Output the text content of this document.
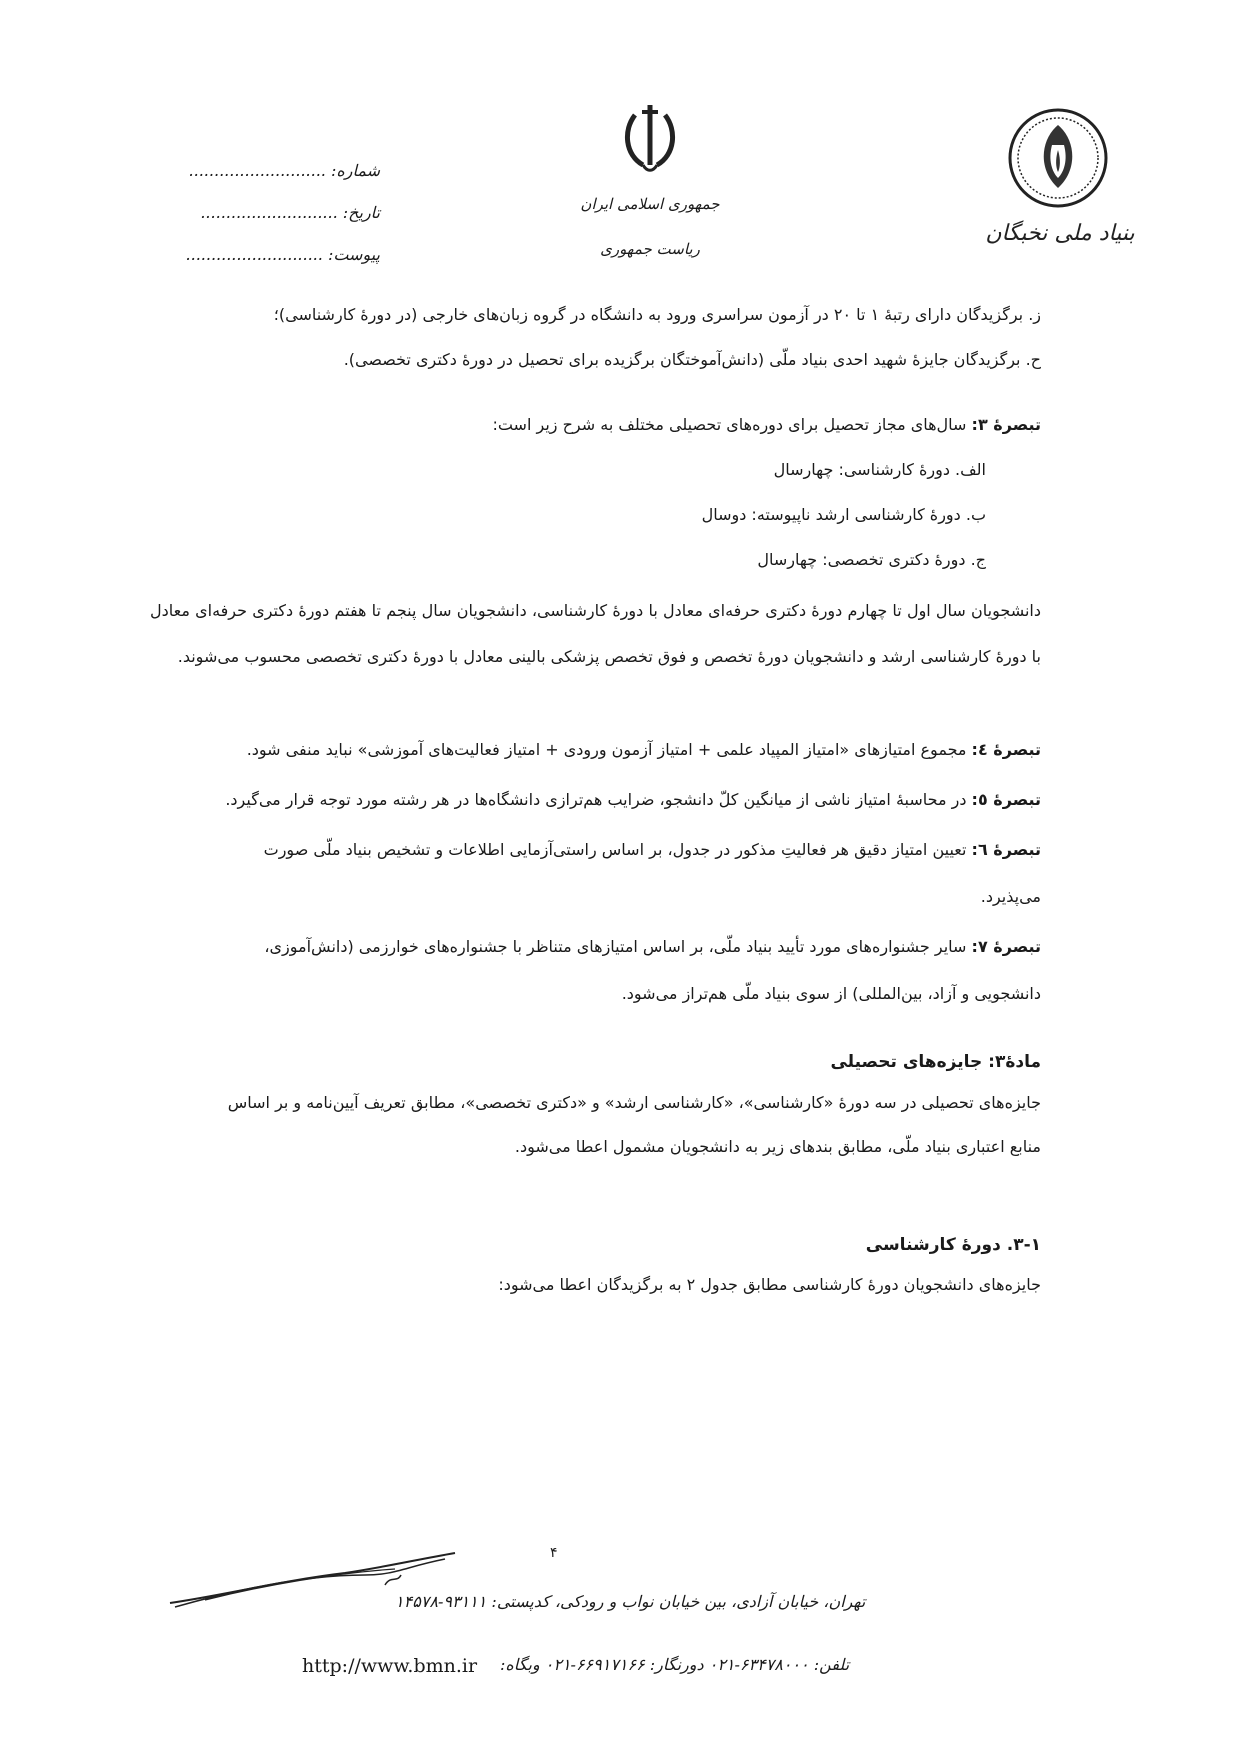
بنیاد ملی نخبگان
جمهوری اسلامی ایران
ریاست جمهوری
شماره: ...........................
تاریخ: ...........................
پیوست: ...........................
ز. برگزیدگان دارای رتبۀ ۱ تا ۲۰ در آزمون سراسری ورود به دانشگاه در گروه زبان‌های خارجی (در دورۀ کارشناسی)؛
ح. برگزیدگان جایزۀ شهید احدی بنیاد ملّی (دانش‌آموختگان برگزیده برای تحصیل در دورۀ دکتری تخصصی).
تبصرۀ ۳: سال‌های مجاز تحصیل برای دوره‌های تحصیلی مختلف به شرح زیر است:
الف. دورۀ کارشناسی: چهارسال
ب. دورۀ کارشناسی ارشد ناپیوسته: دوسال
ج. دورۀ دکتری تخصصی: چهارسال
دانشجویان سال اول تا چهارم دورۀ دکتری حرفه‌ای معادل با دورۀ کارشناسی، دانشجویان سال پنجم تا هفتم دورۀ دکتری حرفه‌ای معادل با دورۀ کارشناسی ارشد و دانشجویان دورۀ تخصص و فوق تخصص پزشکی بالینی معادل با دورۀ دکتری تخصصی محسوب می‌شوند.
تبصرۀ ٤: مجموع امتیازهای «امتیاز المپیاد علمی + امتیاز آزمون ورودی + امتیاز فعالیت‌های آموزشی» نباید منفی شود.
تبصرۀ ٥: در محاسبۀ امتیاز ناشی از میانگین کلّ دانشجو، ضرایب هم‌ترازی دانشگاه‌ها در هر رشته مورد توجه قرار می‌گیرد.
تبصرۀ ٦: تعیین امتیاز دقیق هر فعالیتِ مذکور در جدول، بر اساس راستی‌آزمایی اطلاعات و تشخیص بنیاد ملّی صورت
می‌پذیرد.
تبصرۀ ۷: سایر جشنواره‌های مورد تأیید بنیاد ملّی، بر اساس امتیازهای متناظر با جشنواره‌های خوارزمی (دانش‌آموزی،
دانشجویی و آزاد، بین‌المللی) از سوی بنیاد ملّی هم‌تراز می‌شود.
مادۀ۳: جایزه‌های تحصیلی
جایزه‌های تحصیلی در سه دورۀ «کارشناسی»، «کارشناسی ارشد» و «دکتری تخصصی»، مطابق تعریف آیین‌نامه و بر اساس
منابع اعتباری بنیاد ملّی، مطابق بندهای زیر به دانشجویان مشمول اعطا می‌شود.
۳-۱. دورۀ کارشناسی
جایزه‌های دانشجویان دورۀ کارشناسی مطابق جدول ۲ به برگزیدگان اعطا می‌شود:
۴
تهران، خیابان آزادی، بین خیابان نواب و رودکی، کدپستی: ۹۳۱۱۱-۱۴۵۷۸
تلفن: ۶۳۴۷۸۰۰۰-۰۲۱ دورنگار: ۶۶۹۱۷۱۶۶-۰۲۱ وبگاه:
http://www.bmn.ir
